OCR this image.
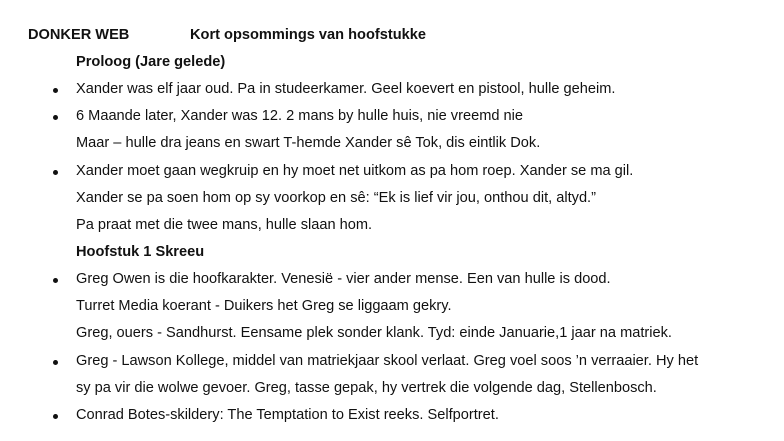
DONKER WEB	Kort opsommings van hoofstukke
Proloog (Jare gelede)
Xander was elf jaar oud. Pa in studeerkamer. Geel koevert en pistool, hulle geheim.
6 Maande later, Xander was 12. 2 mans by hulle huis, nie vreemd nie
Maar – hulle dra jeans en swart T-hemde Xander sê Tok, dis eintlik Dok.
Xander moet gaan wegkruip en hy moet net uitkom as pa hom roep. Xander se ma gil.
Xander se pa soen hom op sy voorkop en sê: “Ek is lief vir jou, onthou dit, altyd.”
Pa praat met die twee mans, hulle slaan hom.
Hoofstuk 1 Skreeu
Greg Owen is die hoofkarakter. Venesië - vier ander mense. Een van hulle is dood.
Turret Media koerant - Duikers het Greg se liggaam gekry.
Greg, ouers - Sandhurst. Eensame plek sonder klank. Tyd: einde Januarie,1 jaar na matriek.
Greg - Lawson Kollege, middel van matriekjaar skool verlaat. Greg voel soos ’n verraaier. Hy het
sy pa vir die wolwe gevoer. Greg, tasse gepak, hy vertrek die volgende dag, Stellenbosch.
Conrad Botes-skildery: The Temptation to Exist reeks. Selfportret.
